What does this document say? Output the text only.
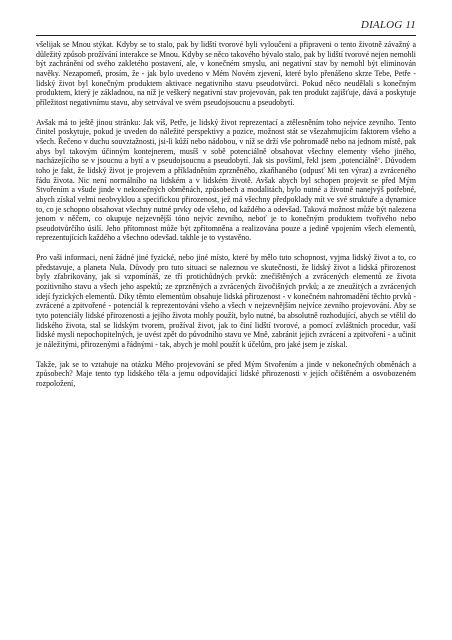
DIALOG 11

všelijak se Mnou stýkat. Kdyby se to stalo, pak by lidští tvorové byli vyloučeni a připraveni o tento životně závažný a důležitý způsob prožívání interakce se Mnou. Kdyby se něco takového bývalo stalo, pak by lidští tvorové nejen nemohli být zachráněni od svého zakletého postavení, ale, v konečném smyslu, ani negativní stav by nemohl být eliminován navěky. Nezapomeň, prosím, že - jak bylo uvedeno v Mém Novém zjevení, které bylo přenášeno skrze Tebe, Petře - lidský život byl konečným produktem aktivace negativního stavu pseudotvůrci. Pokud něco neudělali s konečným produktem, který je základnou, na níž je veškerý negativní stav projevován, pak ten produkt zajišťuje, dává a poskytuje příležitost negativnímu stavu, aby setrvával ve svém pseudojsoucnu a pseudobytí.

Avšak má to ještě jinou stránku: Jak víš, Petře, je lidský život reprezentací a ztělesněním toho nejvíce zevního. Tento činitel poskytuje, pokud je uveden do náležité perspektivy a pozice, možnost stát se všezahrnujícím faktorem všeho a všech. Řečeno v duchu souvztažnosti, jsi-li kůží nebo nádobou, v níž se drží vše pohromadě nebo na jednom místě, pak abys byl takovým účinným kontejnerem, musíš v sobě potenciálně obsahovat všechny elementy všeho jiného, nacházejícího se v jsoucnu a bytí a v pseudojsoucnu a pseudobytí. Jak sis povšiml, řekl jsem ‚potenciálně‘. Důvodem toho je fakt, že lidský život je projevem a příkladněním zprzněného, zkaňhaného (odpusť Mi ten výraz) a zvráceného řádu života. Nic není normálního na lidském a v lidském životě. Avšak abych byl schopen projevit se před Mým Stvořením a všude jinde v nekonečných obměnách, způsobech a modalitách, bylo nutné a životně nanejvýš potřebné, abych získal velmi neobvyklou a specifickou přirozenost, jež má všechny předpoklady mít ve své struktuře a dynamice to, co je schopno obsahovat všechny nutné prvky ode všeho, od každého a odevšad. Taková možnost může být nalezena jenom v něčem, co okupuje nejzevnější tóno nejvíc zevního, neboť je to konečným produktem tvořivého nebo pseudotvůrčího úsilí. Jeho přítomnost může být zpřítomněna a realizována pouze a jedině vpojením všech elementů, reprezentujících každého a všechno odevšad. takhle je to vystavěno.

Pro vaši informaci, není žádné jiné fyzické, nebo jiné místo, které by mělo tuto schopnost, vyjma lidský život a to, co představuje, a planeta Nula. Důvody pro tuto situaci se naleznou ve skutečnosti, že lidský život a lidská přirozenost byly zfabrikovány, jak si vzpomínáš, ze tří protichůdných prvků: znečištěných a zvrácených elementů ze života pozitivního stavu a všech jeho aspektů; ze zprzněných a zvrácených živočišných prvků; a ze zneužitých a zvrácených idejí fyzických elementů. Díky těmto elementům obsahuje lidská přirozenost - v konečném nahromadění těchto prvků - zvrácené a zpitvořené - potenciál k reprezentování všeho a všech v nejzevnějším nejvíce zevního projevování. Aby se tyto potenciály lidské přirozenosti a jejího života mohly použít, bylo nutné, ba absolutně rozhodující, abych se vtělil do lidského života, stal se lidským tvorem, prožíval život, jak to činí lidští tvorové, a pomocí zvláštních procedur, vaší lidské mysli nepochopitelných, je uvést zpět do původního stavu ve Mně, zabránit jejich zvrácení a zpitvoření - a učinit je náležitými, přirozenými a řádnými - tak, abych je mohl použít k účelům, pro jaké jsem je získal.

Takže, jak se to vztahuje na otázku Mého projevování se před Mým Stvořením a jinde v nekonečných obměnách a způsobech? Maje tento typ lidského těla a jemu odpovídající lidské přirozenosti v jejích očištěném a osvobozeném rozpoložení,
